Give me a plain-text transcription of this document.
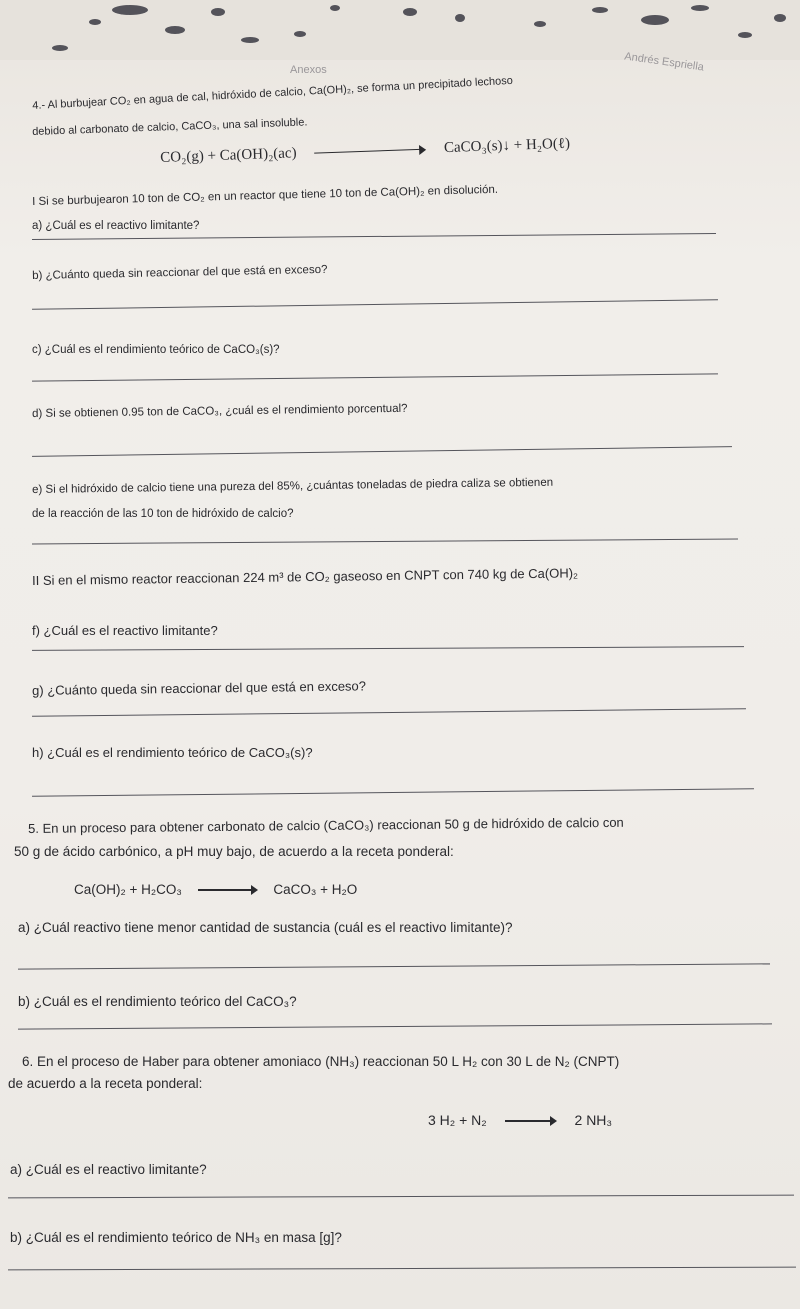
Anexos	Andrés Espriella
4.- Al burbujear CO₂ en agua de cal, hidróxido de calcio, Ca(OH)₂, se forma un precipitado lechoso
debido al carbonato de calcio, CaCO₃, una sal insoluble.
CO₂(g) + Ca(OH)₂(ac)	CaCO₃(s)↓ + H₂O(ℓ)
I Si se burbujearon 10 ton de CO₂ en un reactor que tiene 10 ton de Ca(OH)₂ en disolución.
a) ¿Cuál es el reactivo limitante?
b) ¿Cuánto queda sin reaccionar del que está en exceso?
c) ¿Cuál es el rendimiento teórico de CaCO₃(s)?
d) Si se obtienen 0.95 ton de CaCO₃, ¿cuál es el rendimiento porcentual?
e) Si el hidróxido de calcio tiene una pureza del 85%, ¿cuántas toneladas de piedra caliza se obtienen
de la reacción de las 10 ton de hidróxido de calcio?
II Si en el mismo reactor reaccionan 224 m³ de CO₂ gaseoso en CNPT con 740 kg de Ca(OH)₂
f) ¿Cuál es el reactivo limitante?
g) ¿Cuánto queda sin reaccionar del que está en exceso?
h) ¿Cuál es el rendimiento teórico de CaCO₃(s)?
5. En un proceso para obtener carbonato de calcio (CaCO₃) reaccionan 50 g de hidróxido de calcio con
50 g de ácido carbónico, a pH muy bajo, de acuerdo a la receta ponderal:
Ca(OH)₂ + H₂CO₃	CaCO₃ + H₂O
a) ¿Cuál reactivo tiene menor cantidad de sustancia (cuál es el reactivo limitante)?
b) ¿Cuál es el rendimiento teórico del CaCO₃?
6. En el proceso de Haber para obtener amoniaco (NH₃) reaccionan 50 L H₂ con 30 L de N₂ (CNPT)
de acuerdo a la receta ponderal:
3 H₂ + N₂	2 NH₃
a) ¿Cuál es el reactivo limitante?
b) ¿Cuál es el rendimiento teórico de NH₃ en masa [g]?
